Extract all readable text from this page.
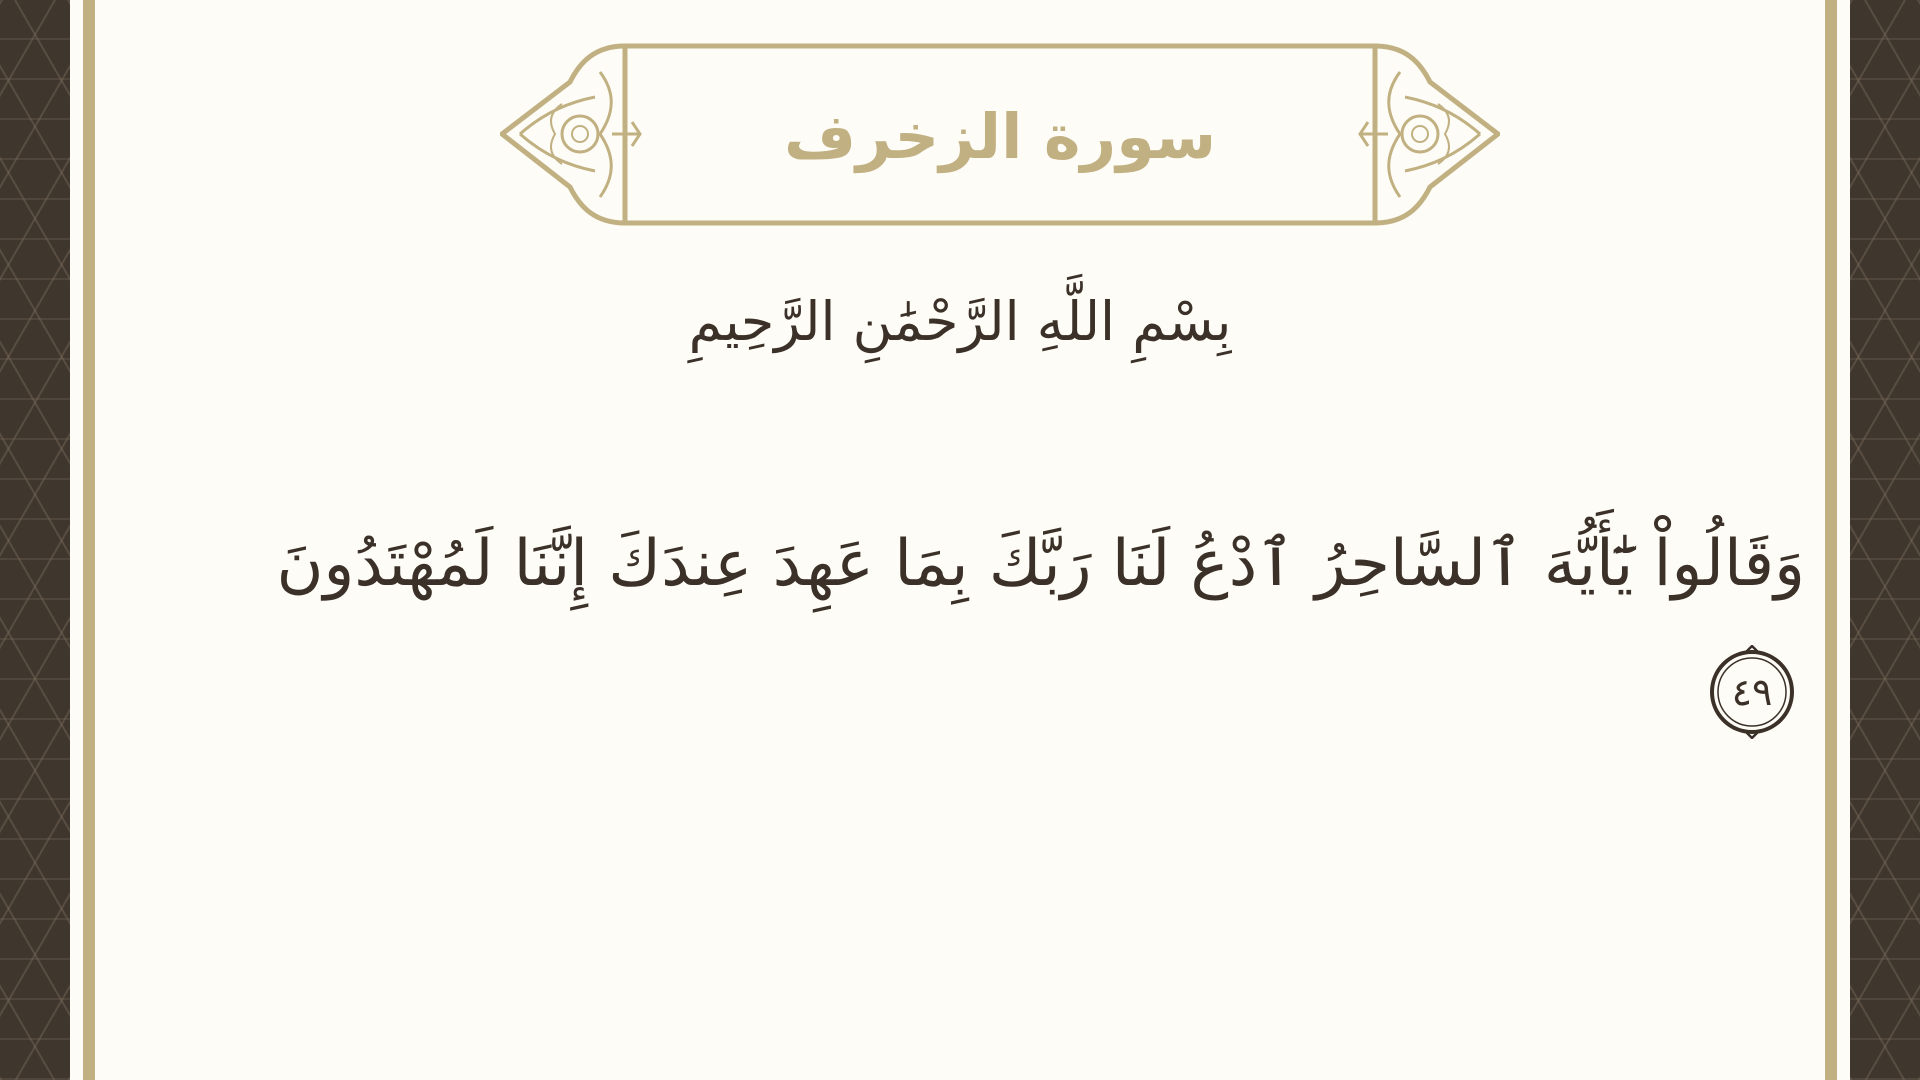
سورة الزخرف
بِسْمِ اللَّهِ الرَّحْمَٰنِ الرَّحِيمِ
وَقَالُواْ يَٰٓأَيُّهَ ٱلسَّاحِرُ ٱدْعُ لَنَا رَبَّكَ بِمَا عَهِدَ عِندَكَ إِنَّنَا لَمُهْتَدُونَ
٤٩
